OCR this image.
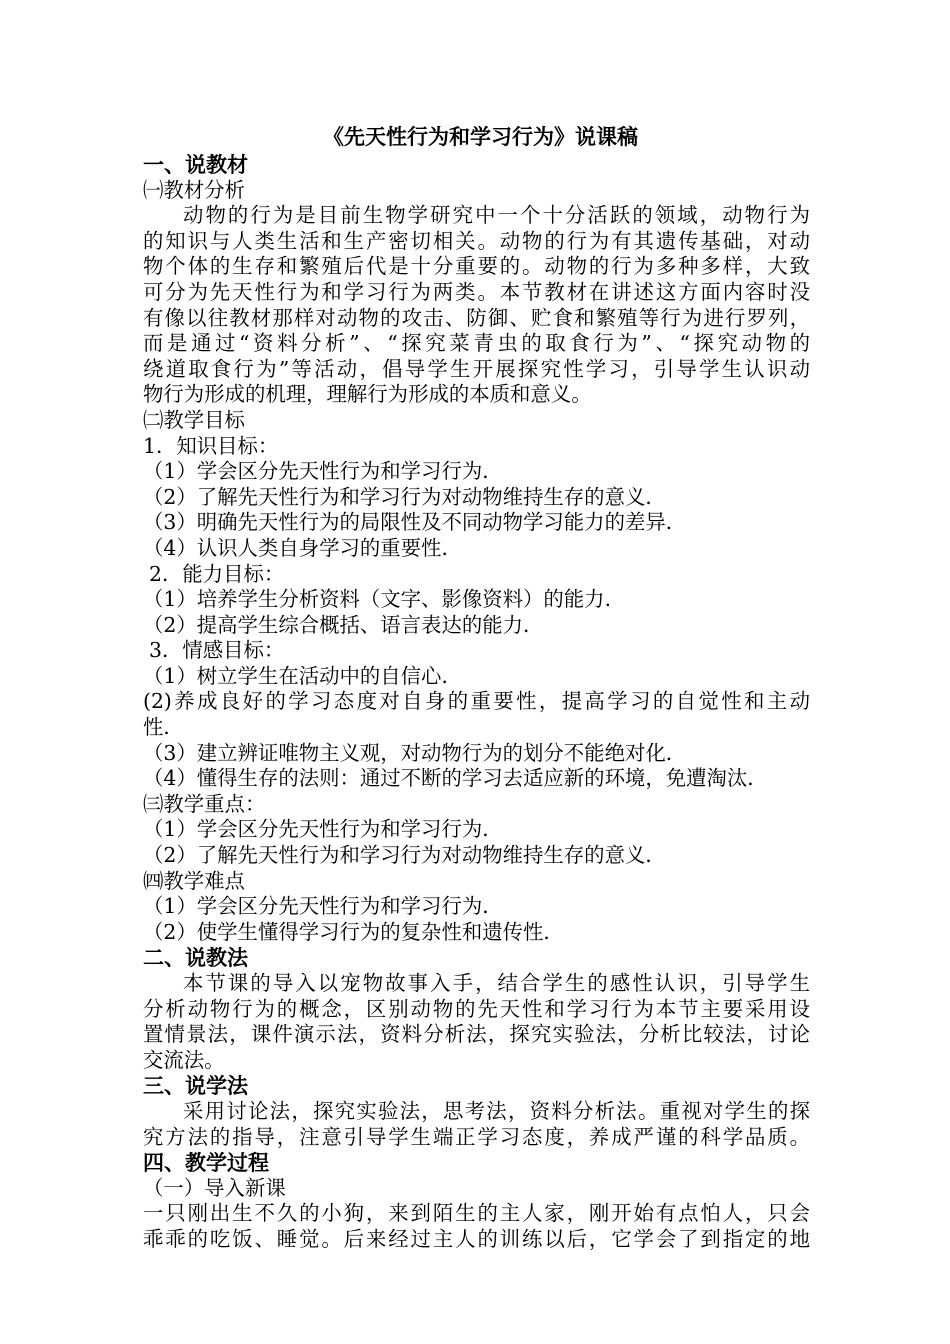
《先天性行为和学习行为》说课稿
一、说教材
㈠教材分析
动物的行为是目前生物学研究中一个十分活跃的领域，动物行为
的知识与人类生活和生产密切相关。动物的行为有其遗传基础，对动
物个体的生存和繁殖后代是十分重要的。动物的行为多种多样，大致
可分为先天性行为和学习行为两类。本节教材在讲述这方面内容时没
有像以往教材那样对动物的攻击、防御、贮食和繁殖等行为进行罗列，
而是通过“资料分析”、“探究菜青虫的取食行为”、“探究动物的
绕道取食行为”等活动，倡导学生开展探究性学习，引导学生认识动
物行为形成的机理，理解行为形成的本质和意义。
㈡教学目标
1．知识目标：
（1）学会区分先天性行为和学习行为．
（2）了解先天性行为和学习行为对动物维持生存的意义．
（3）明确先天性行为的局限性及不同动物学习能力的差异．
（4）认识人类自身学习的重要性．
2．能力目标：
（1）培养学生分析资料（文字、影像资料）的能力．
（2）提高学生综合概括、语言表达的能力．
3．情感目标：
（1）树立学生在活动中的自信心．
(2)养成良好的学习态度对自身的重要性，提高学习的自觉性和主动
性．
（3）建立辨证唯物主义观，对动物行为的划分不能绝对化．
（4）懂得生存的法则：通过不断的学习去适应新的环境，免遭淘汰．
㈢教学重点：
（1）学会区分先天性行为和学习行为．
（2）了解先天性行为和学习行为对动物维持生存的意义．
㈣教学难点
（1）学会区分先天性行为和学习行为．
（2）使学生懂得学习行为的复杂性和遗传性．
二、说教法
本节课的导入以宠物故事入手，结合学生的感性认识，引导学生
分析动物行为的概念，区别动物的先天性和学习行为本节主要采用设
置情景法，课件演示法，资料分析法，探究实验法，分析比较法，讨论
交流法。
三、说学法
采用讨论法，探究实验法，思考法，资料分析法。重视对学生的探
究方法的指导，注意引导学生端正学习态度，养成严谨的科学品质。
四、教学过程
（一）导入新课
一只刚出生不久的小狗，来到陌生的主人家，刚开始有点怕人，只会
乖乖的吃饭、睡觉。后来经过主人的训练以后，它学会了到指定的地
